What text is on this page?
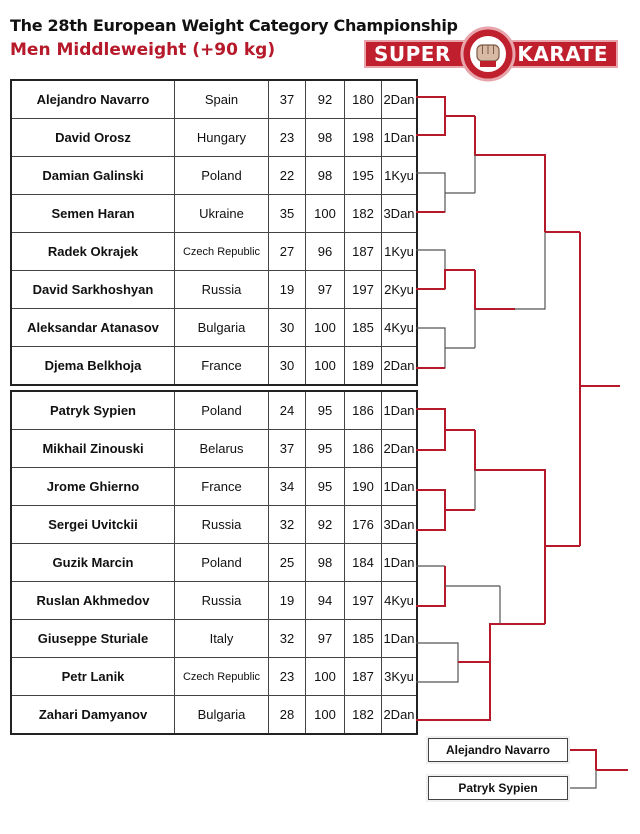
The 28th European Weight Category Championship
Men Middleweight (+90 kg)	SUPER	KARATE
Alejandro Navarro	Spain	37	92	180	2Dan
David Orosz	Hungary	23	98	198	1Dan
Damian Galinski	Poland	22	98	195	1Kyu
Semen Haran	Ukraine	35	100	182	3Dan
Radek Okrajek	Czech Republic	27	96	187	1Kyu
David Sarkhoshyan	Russia	19	97	197	2Kyu
Aleksandar Atanasov	Bulgaria	30	100	185	4Kyu
Djema Belkhoja	France	30	100	189	2Dan
Patryk Sypien	Poland	24	95	186	1Dan
Mikhail Zinouski	Belarus	37	95	186	2Dan
Jrome Ghierno	France	34	95	190	1Dan
Sergei Uvitckii	Russia	32	92	176	3Dan
Guzik Marcin	Poland	25	98	184	1Dan
Ruslan Akhmedov	Russia	19	94	197	4Kyu
Giuseppe Sturiale	Italy	32	97	185	1Dan
Petr Lanik	Czech Republic	23	100	187	3Kyu
Zahari Damyanov	Bulgaria	28	100	182	2Dan
Alejandro Navarro
Patryk Sypien
